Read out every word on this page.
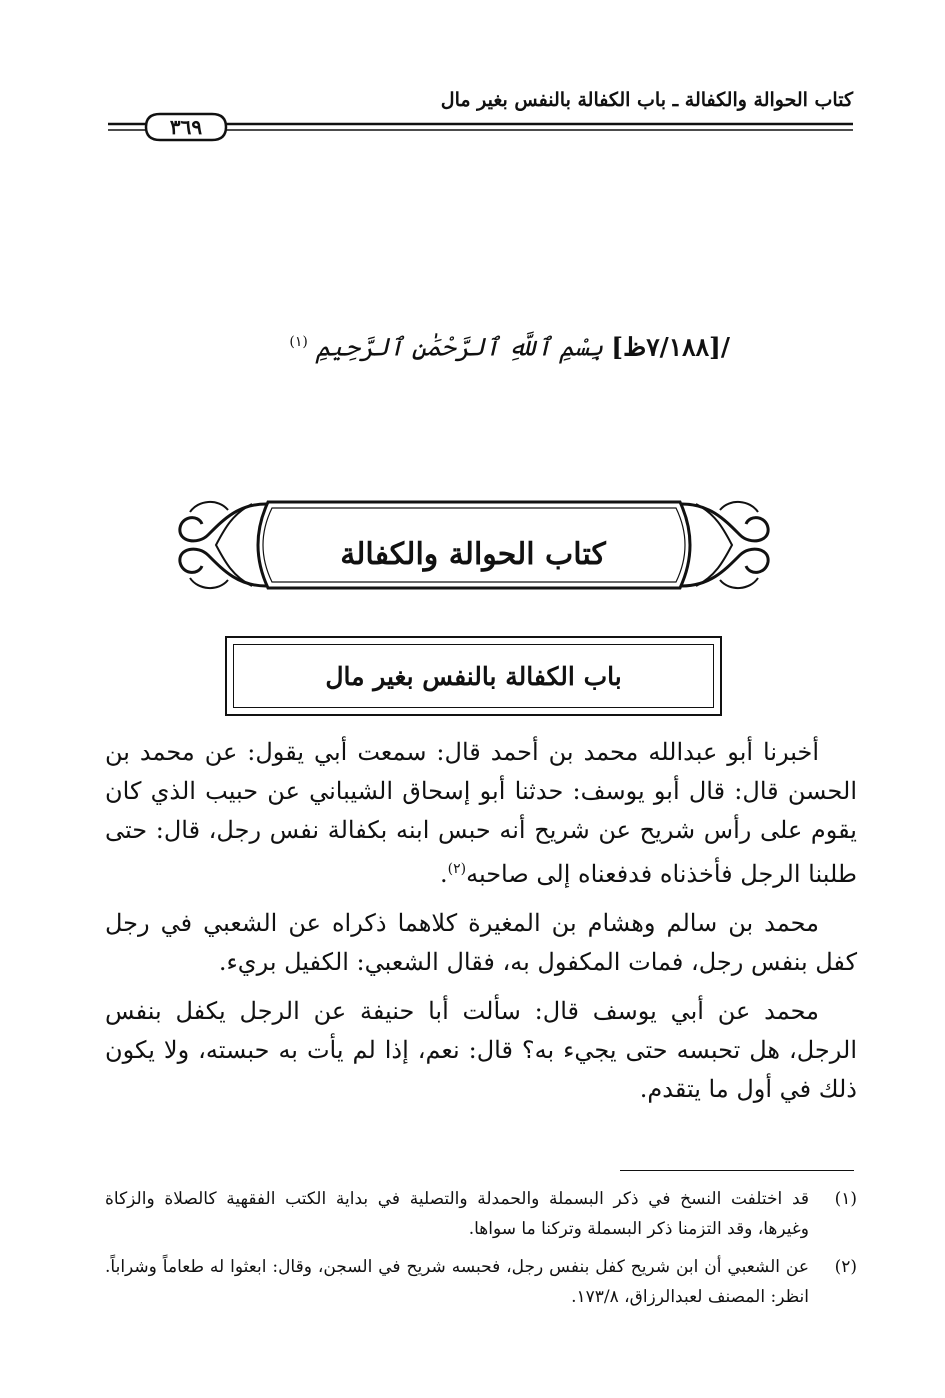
كتاب الحوالة والكفالة ـ باب الكفالة بالنفس بغير مال
٣٦٩
/[٧/١٨٨ظ] بِسْمِ ٱللَّهِ ٱلرَّحْمَٰنِ ٱلرَّحِيمِ $^{(١)}$
كتاب الحوالة والكفالة
باب الكفالة بالنفس بغير مال

أخبرنا أبو عبدالله محمد بن أحمد قال: سمعت أبي يقول: عن محمد بن الحسن قال: قال أبو يوسف: حدثنا أبو إسحاق الشيباني عن حبيب الذي كان يقوم على رأس شريح عن شريح أنه حبس ابنه بكفالة نفس رجل، قال: حتى طلبنا الرجل فأخذناه فدفعناه إلى صاحبه$^{(٢)}$.

محمد بن سالم وهشام بن المغيرة كلاهما ذكراه عن الشعبي في رجل كفل بنفس رجل، فمات المكفول به، فقال الشعبي: الكفيل بريء.

محمد عن أبي يوسف قال: سألت أبا حنيفة عن الرجل يكفل بنفس الرجل، هل تحبسه حتى يجيء به؟ قال: نعم، إذا لم يأت به حبسته، ولا يكون ذلك في أول ما يتقدم.

(١)
قد اختلفت النسخ في ذكر البسملة والحمدلة والتصلية في بداية الكتب الفقهية كالصلاة والزكاة وغيرها، وقد التزمنا ذكر البسملة وتركنا ما سواها.
(٢)
عن الشعبي أن ابن شريح كفل بنفس رجل، فحبسه شريح في السجن، وقال: ابعثوا له طعاماً وشراباً. انظر: المصنف لعبدالرزاق، ١٧٣/٨.
